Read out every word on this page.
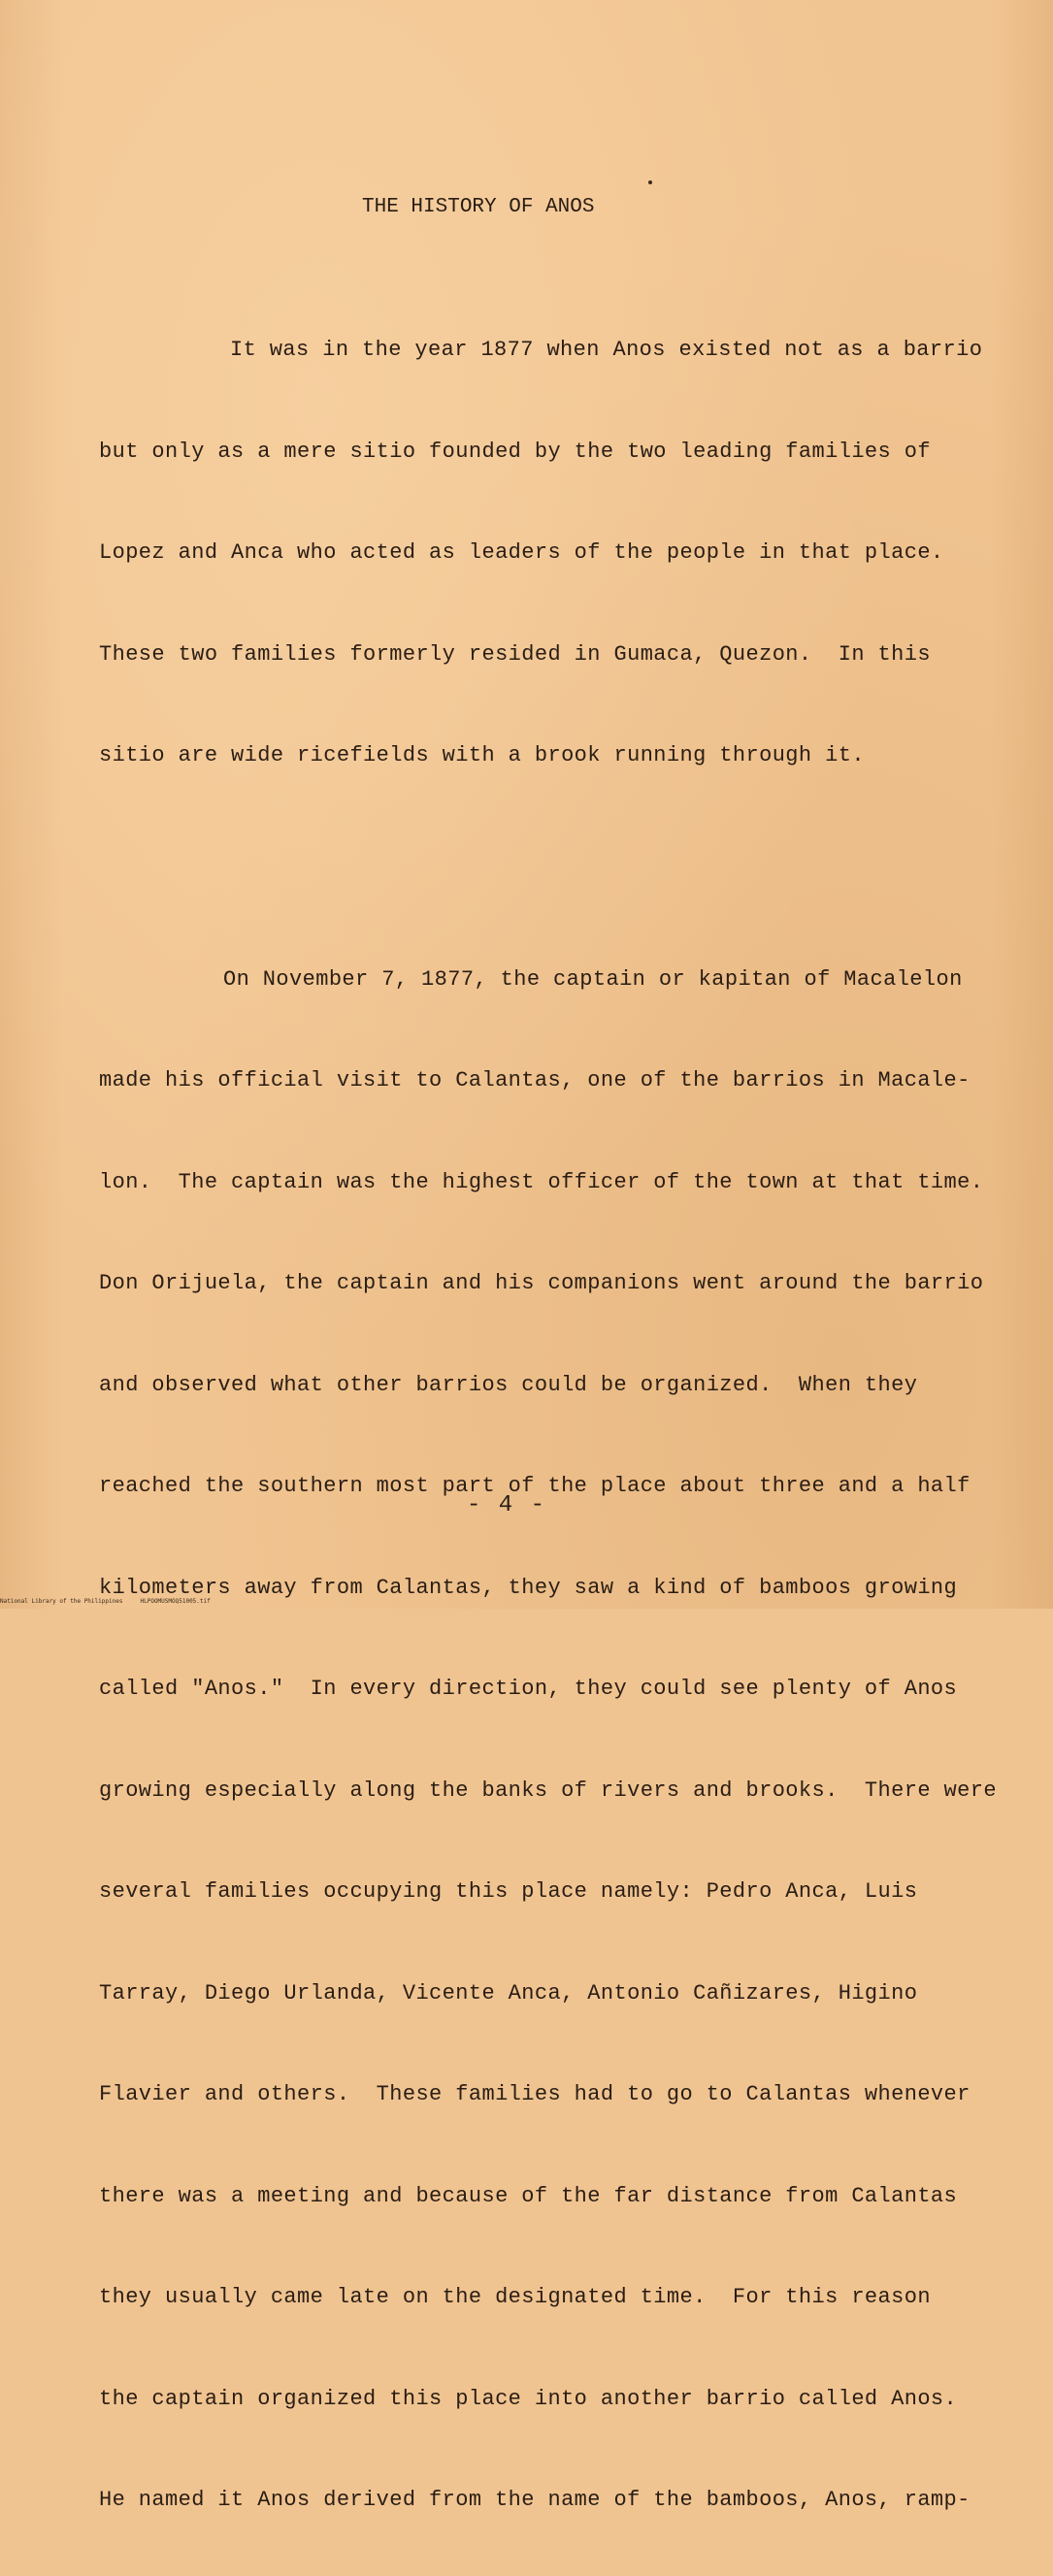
THE HISTORY OF ANOS

It was in the year 1877 when Anos existed not as a barrio

but only as a mere sitio founded by the two leading families of

Lopez and Anca who acted as leaders of the people in that place.

These two families formerly resided in Gumaca, Quezon.  In this

sitio are wide ricefields with a brook running through it.

On November 7, 1877, the captain or kapitan of Macalelon

made his official visit to Calantas, one of the barrios in Macale-

lon.  The captain was the highest officer of the town at that time.

Don Orijuela, the captain and his companions went around the barrio

and observed what other barrios could be organized.  When they

reached the southern most part of the place about three and a half

kilometers away from Calantas, they saw a kind of bamboos growing

called "Anos."  In every direction, they could see plenty of Anos

growing especially along the banks of rivers and brooks.  There were

several families occupying this place namely: Pedro Anca, Luis

Tarray, Diego Urlanda, Vicente Anca, Antonio Cañizares, Higino

Flavier and others.  These families had to go to Calantas whenever

there was a meeting and because of the far distance from Calantas

they usually came late on the designated time.  For this reason

the captain organized this place into another barrio called Anos.

He named it Anos derived from the name of the bamboos, Anos, ramp-

- 4 -
National Library of the Philippines     HLPOOMUSMOQ51005.tif
